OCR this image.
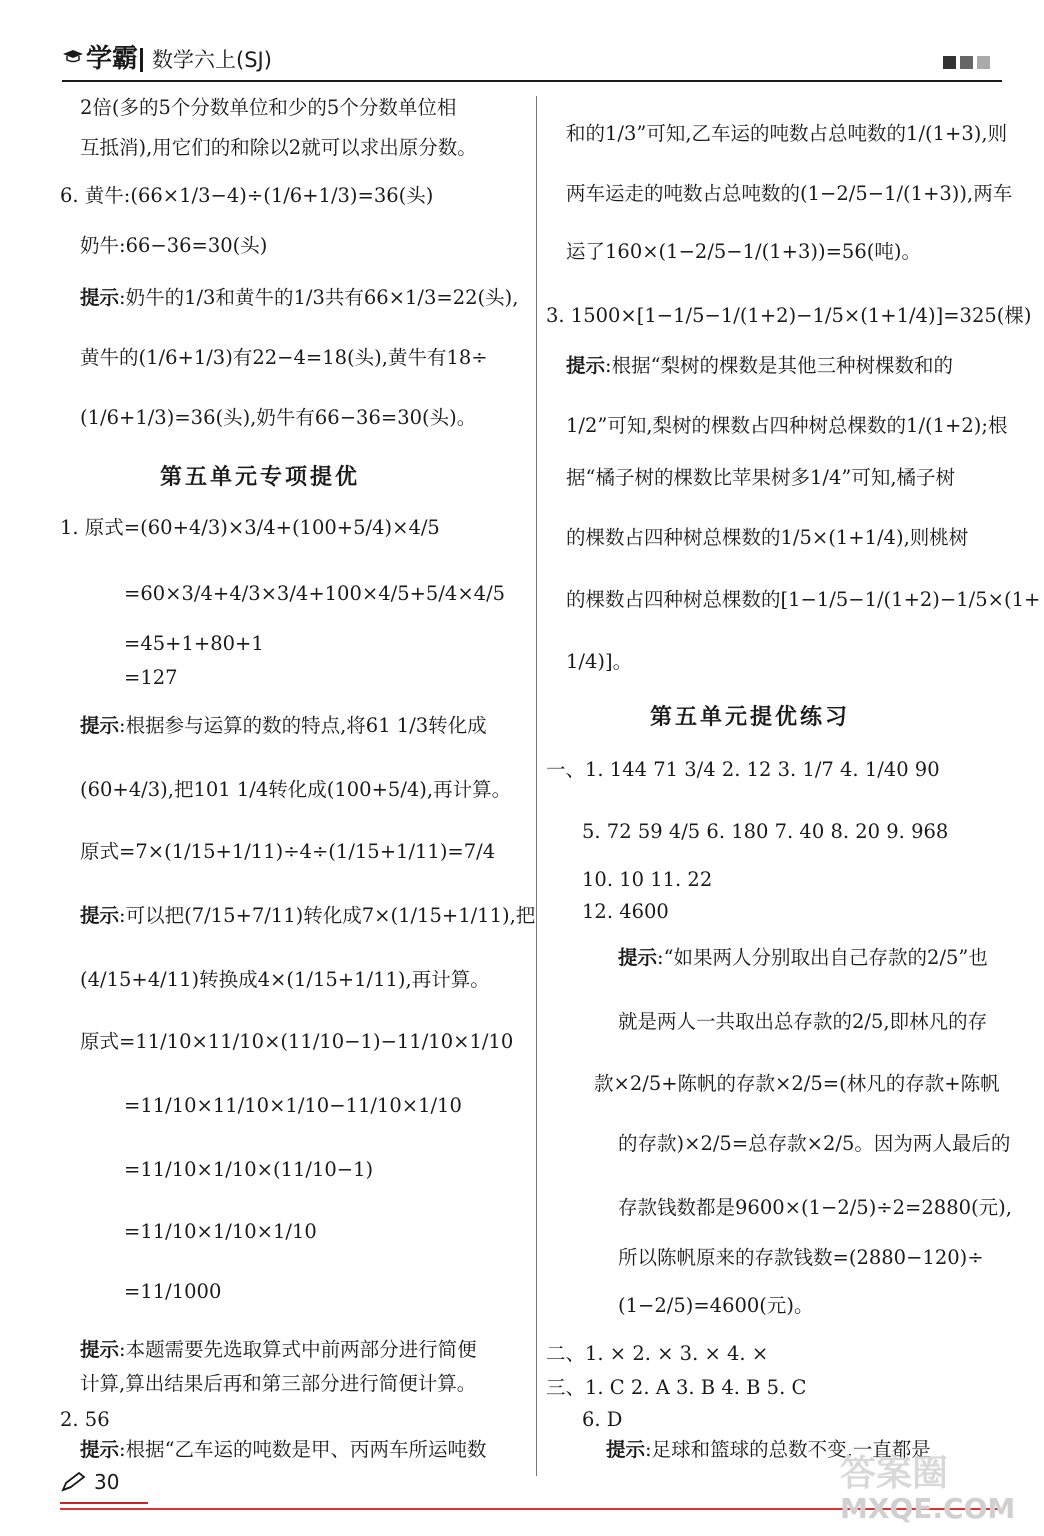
学霸 数学六上(SJ)
2倍(多的5个分数单位和少的5个分数单位相
互抵消),用它们的和除以2就可以求出原分数。
6. 黄牛:(66×1/3−4)÷(1/6+1/3)=36(头)
奶牛:66−36=30(头)
提示:奶牛的1/3和黄牛的1/3共有66×1/3=22(头),
黄牛的(1/6+1/3)有22−4=18(头),黄牛有18÷
(1/6+1/3)=36(头),奶牛有66−36=30(头)。
第五单元专项提优
1. 原式=(60+4/3)×3/4+(100+5/4)×4/5
=60×3/4+4/3×3/4+100×4/5+5/4×4/5
=45+1+80+1
=127
提示:根据参与运算的数的特点,将61 1/3转化成
(60+4/3),把101 1/4转化成(100+5/4),再计算。
原式=7×(1/15+1/11)÷4÷(1/15+1/11)=7/4
提示:可以把(7/15+7/11)转化成7×(1/15+1/11),把
(4/15+4/11)转换成4×(1/15+1/11),再计算。
原式=11/10×11/10×(11/10−1)−11/10×1/10
=11/10×11/10×1/10−11/10×1/10
=11/10×1/10×(11/10−1)
=11/10×1/10×1/10
=11/1000
提示:本题需要先选取算式中前两部分进行简便
计算,算出结果后再和第三部分进行简便计算。
2. 56
提示:根据“乙车运的吨数是甲、丙两车所运吨数
和的1/3”可知,乙车运的吨数占总吨数的1/(1+3),则
两车运走的吨数占总吨数的(1−2/5−1/(1+3)),两车
运了160×(1−2/5−1/(1+3))=56(吨)。
3. 1500×[1−1/5−1/(1+2)−1/5×(1+1/4)]=325(棵)
提示:根据“梨树的棵数是其他三种树棵数和的
1/2”可知,梨树的棵数占四种树总棵数的1/(1+2);根
据“橘子树的棵数比苹果树多1/4”可知,橘子树
的棵数占四种树总棵数的1/5×(1+1/4),则桃树
的棵数占四种树总棵数的[1−1/5−1/(1+2)−1/5×(1+
1/4)]。
第五单元提优练习
一、1. 144 71 3/4 2. 12 3. 1/7 4. 1/40 90
5. 72 59 4/5 6. 180 7. 40 8. 20 9. 968
10. 10 11. 22
12. 4600
提示:“如果两人分别取出自己存款的2/5”也
就是两人一共取出总存款的2/5,即林凡的存
款×2/5+陈帆的存款×2/5=(林凡的存款+陈帆
的存款)×2/5=总存款×2/5。因为两人最后的
存款钱数都是9600×(1−2/5)÷2=2880(元),
所以陈帆原来的存款钱数=(2880−120)÷
(1−2/5)=4600(元)。
二、1. × 2. × 3. × 4. ×
三、1. C 2. A 3. B 4. B 5. C
6. D
提示:足球和篮球的总数不变,一直都是
30	答案圈
MXQE.COM
